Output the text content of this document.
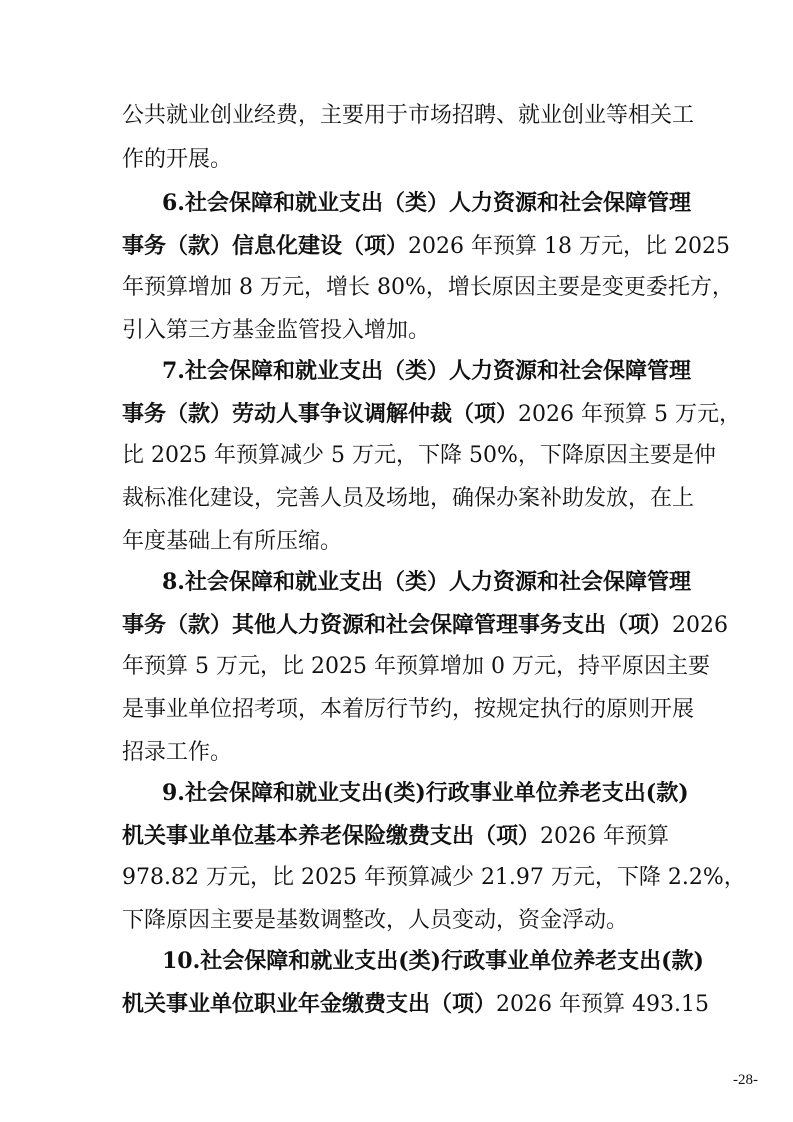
公共就业创业经费，主要用于市场招聘、就业创业等相关工
作的开展。
6.社会保障和就业支出（类）人力资源和社会保障管理
事务（款）信息化建设（项）2026 年预算 18 万元，比 2025
年预算增加 8 万元，增长 80%，增长原因主要是变更委托方，
引入第三方基金监管投入增加。
7.社会保障和就业支出（类）人力资源和社会保障管理
事务（款）劳动人事争议调解仲裁（项）2026 年预算 5 万元，
比 2025 年预算减少 5 万元，下降 50%，下降原因主要是仲
裁标准化建设，完善人员及场地，确保办案补助发放，在上
年度基础上有所压缩。
8.社会保障和就业支出（类）人力资源和社会保障管理
事务（款）其他人力资源和社会保障管理事务支出（项）2026
年预算 5 万元，比 2025 年预算增加 0 万元，持平原因主要
是事业单位招考项，本着厉行节约，按规定执行的原则开展
招录工作。
9.社会保障和就业支出(类)行政事业单位养老支出(款)
机关事业单位基本养老保险缴费支出（项）2026 年预算
978.82 万元，比 2025 年预算减少 21.97 万元，下降 2.2%，
下降原因主要是基数调整改，人员变动，资金浮动。
10.社会保障和就业支出(类)行政事业单位养老支出(款)
机关事业单位职业年金缴费支出（项）2026 年预算 493.15
-28-
